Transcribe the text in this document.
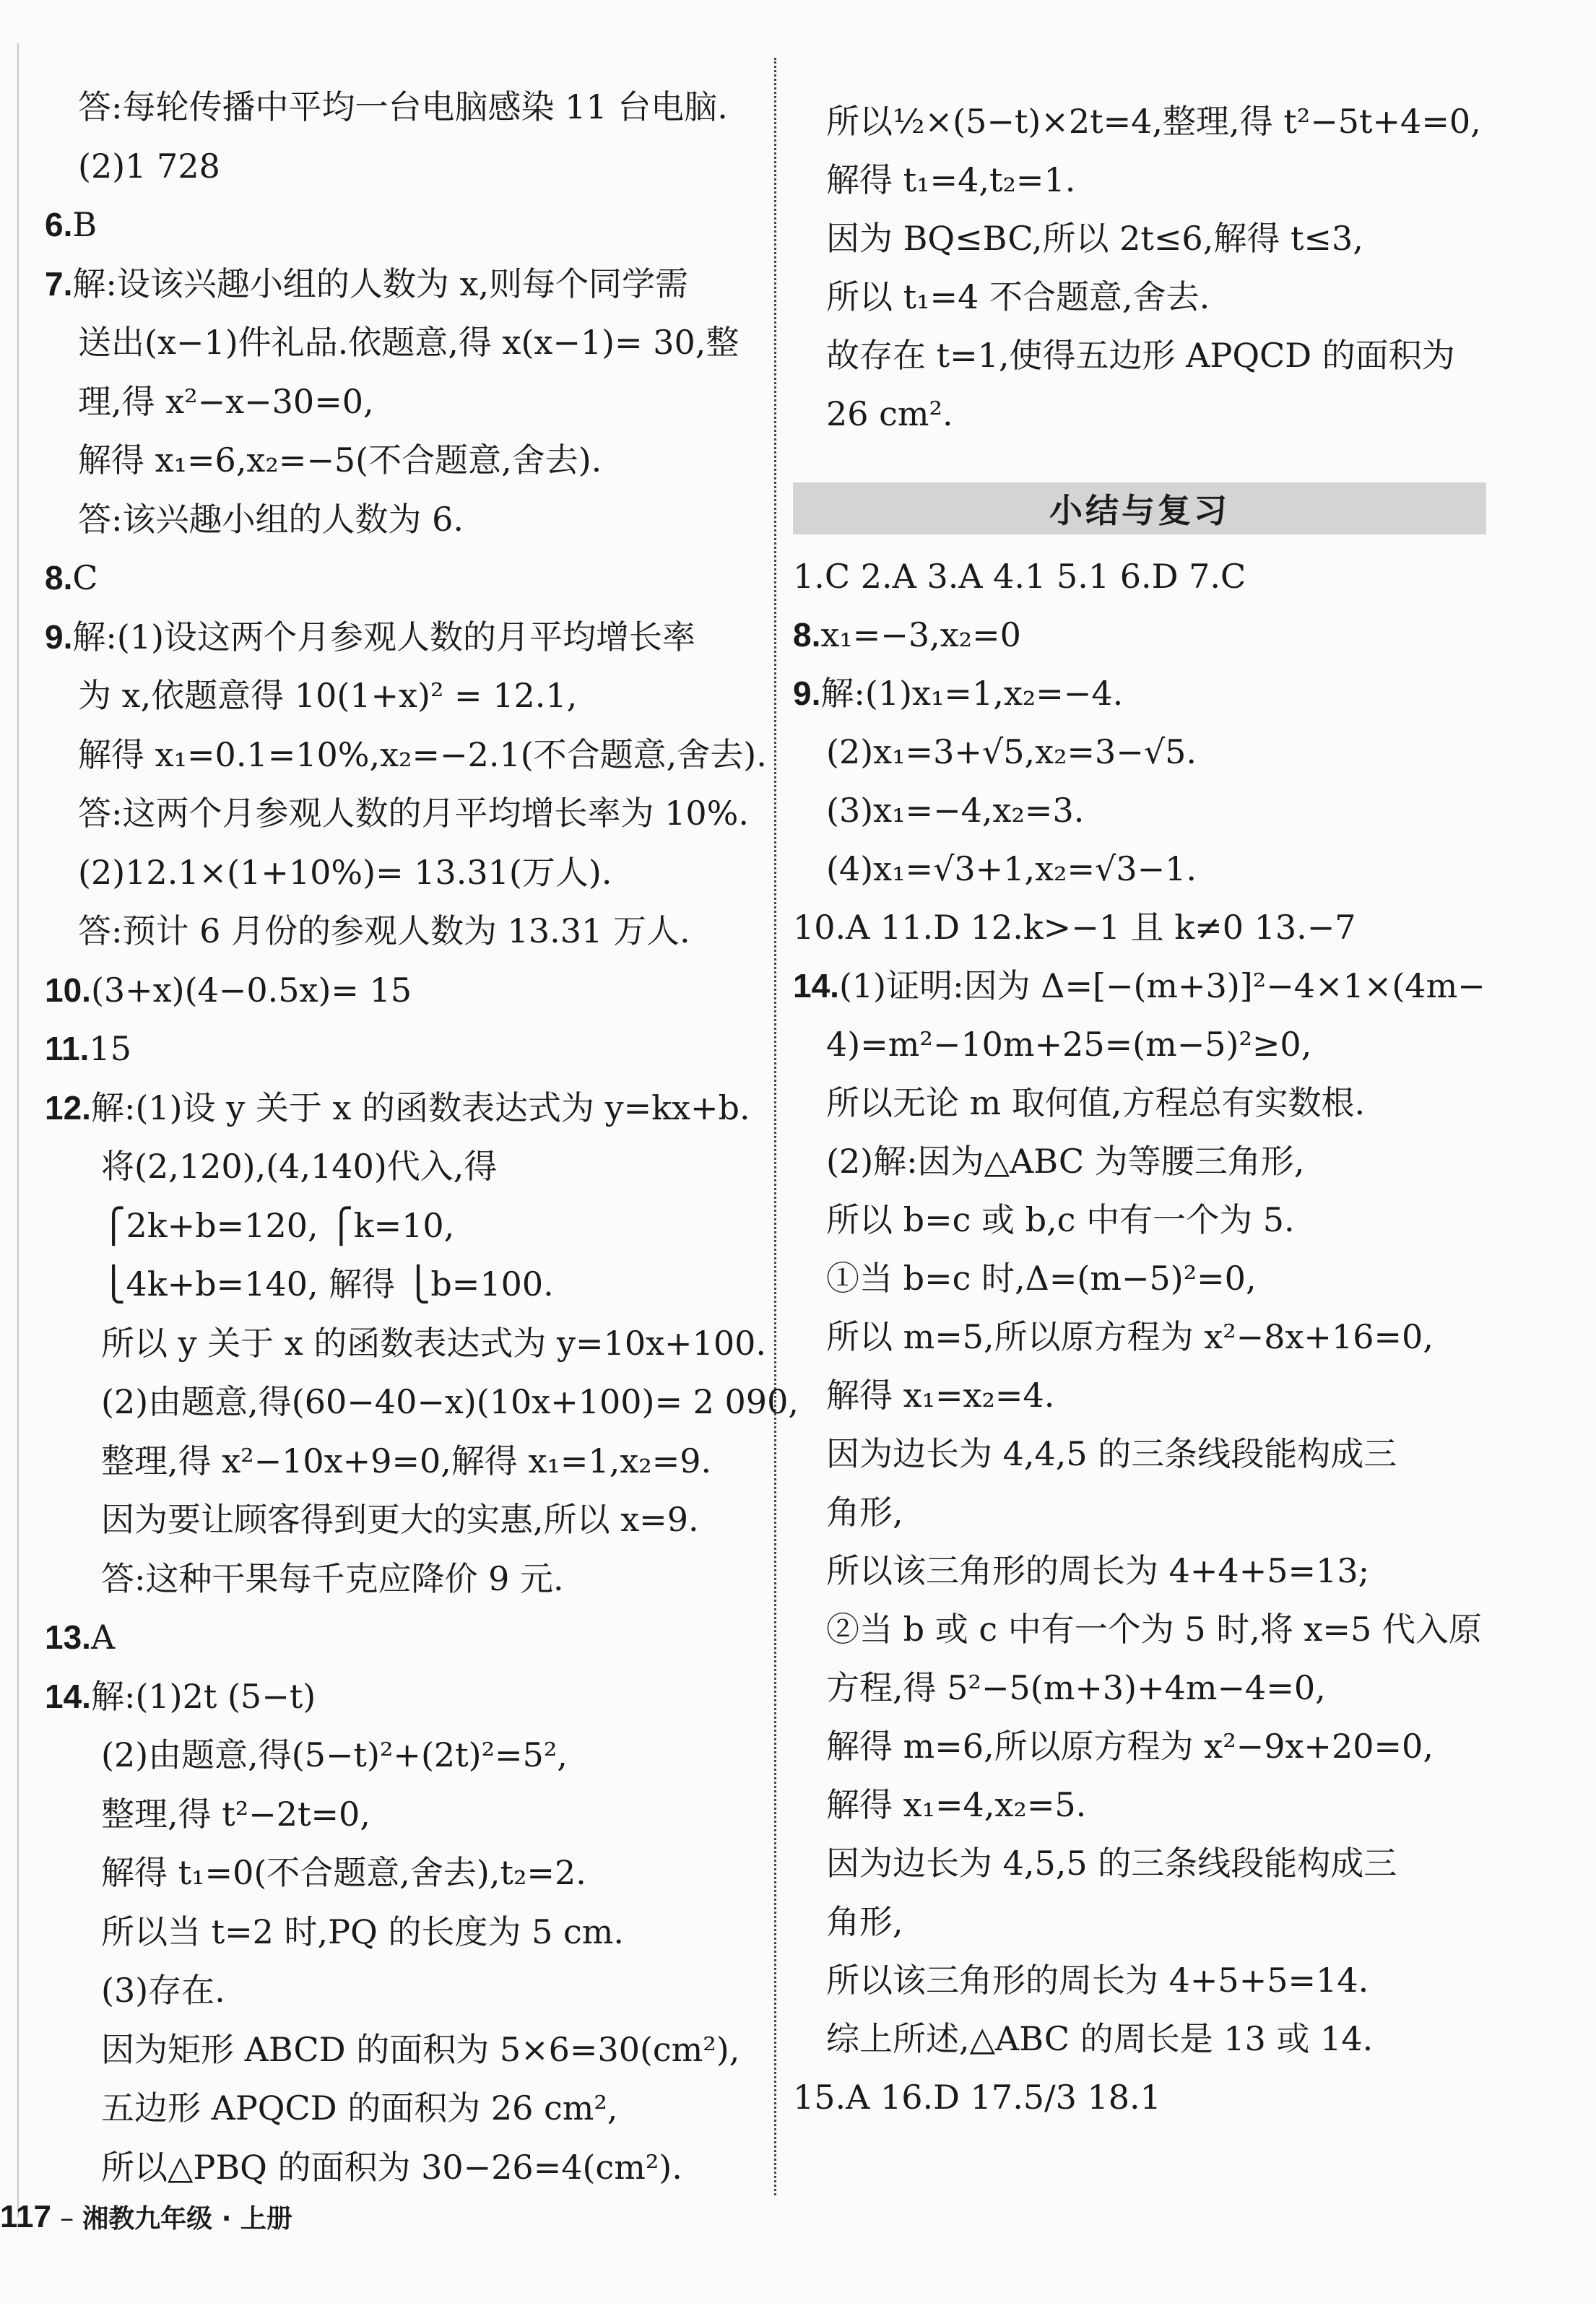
答:每轮传播中平均一台电脑感染 11 台电脑.
(2)1 728
6.B
7.解:设该兴趣小组的人数为 x,则每个同学需
送出(x−1)件礼品.依题意,得 x(x−1)= 30,整
理,得 x²−x−30=0,
解得 x₁=6,x₂=−5(不合题意,舍去).
答:该兴趣小组的人数为 6.
8.C
9.解:(1)设这两个月参观人数的月平均增长率
为 x,依题意得 10(1+x)² = 12.1,
解得 x₁=0.1=10%,x₂=−2.1(不合题意,舍去).
答:这两个月参观人数的月平均增长率为 10%.
(2)12.1×(1+10%)= 13.31(万人).
答:预计 6 月份的参观人数为 13.31 万人.
10.(3+x)(4−0.5x)= 15
11.15
12.解:(1)设 y 关于 x 的函数表达式为 y=kx+b.
将(2,120),(4,140)代入,得
⎧2k+b=120, ⎧k=10,
⎩4k+b=140, 解得 ⎩b=100.
所以 y 关于 x 的函数表达式为 y=10x+100.
(2)由题意,得(60−40−x)(10x+100)= 2 090,
整理,得 x²−10x+9=0,解得 x₁=1,x₂=9.
因为要让顾客得到更大的实惠,所以 x=9.
答:这种干果每千克应降价 9 元.
13.A
14.解:(1)2t (5−t)
(2)由题意,得(5−t)²+(2t)²=5²,
整理,得 t²−2t=0,
解得 t₁=0(不合题意,舍去),t₂=2.
所以当 t=2 时,PQ 的长度为 5 cm.
(3)存在.
因为矩形 ABCD 的面积为 5×6=30(cm²),
五边形 APQCD 的面积为 26 cm²,
所以△PBQ 的面积为 30−26=4(cm²).
小结与复习
所以½×(5−t)×2t=4,整理,得 t²−5t+4=0,
解得 t₁=4,t₂=1.
因为 BQ≤BC,所以 2t≤6,解得 t≤3,
所以 t₁=4 不合题意,舍去.
故存在 t=1,使得五边形 APQCD 的面积为
26 cm².
1.C 2.A 3.A 4.1 5.1 6.D 7.C
8.x₁=−3,x₂=0
9.解:(1)x₁=1,x₂=−4.
(2)x₁=3+√5,x₂=3−√5.
(3)x₁=−4,x₂=3.
(4)x₁=√3+1,x₂=√3−1.
10.A 11.D 12.k>−1 且 k≠0 13.−7
14.(1)证明:因为 Δ=[−(m+3)]²−4×1×(4m−
4)=m²−10m+25=(m−5)²≥0,
所以无论 m 取何值,方程总有实数根.
(2)解:因为△ABC 为等腰三角形,
所以 b=c 或 b,c 中有一个为 5.
①当 b=c 时,Δ=(m−5)²=0,
所以 m=5,所以原方程为 x²−8x+16=0,
解得 x₁=x₂=4.
因为边长为 4,4,5 的三条线段能构成三
角形,
所以该三角形的周长为 4+4+5=13;
②当 b 或 c 中有一个为 5 时,将 x=5 代入原
方程,得 5²−5(m+3)+4m−4=0,
解得 m=6,所以原方程为 x²−9x+20=0,
解得 x₁=4,x₂=5.
因为边长为 4,5,5 的三条线段能构成三
角形,
所以该三角形的周长为 4+5+5=14.
综上所述,△ABC 的周长是 13 或 14.
15.A 16.D 17.5/3 18.1
117 – 湘教九年级 · 上册
